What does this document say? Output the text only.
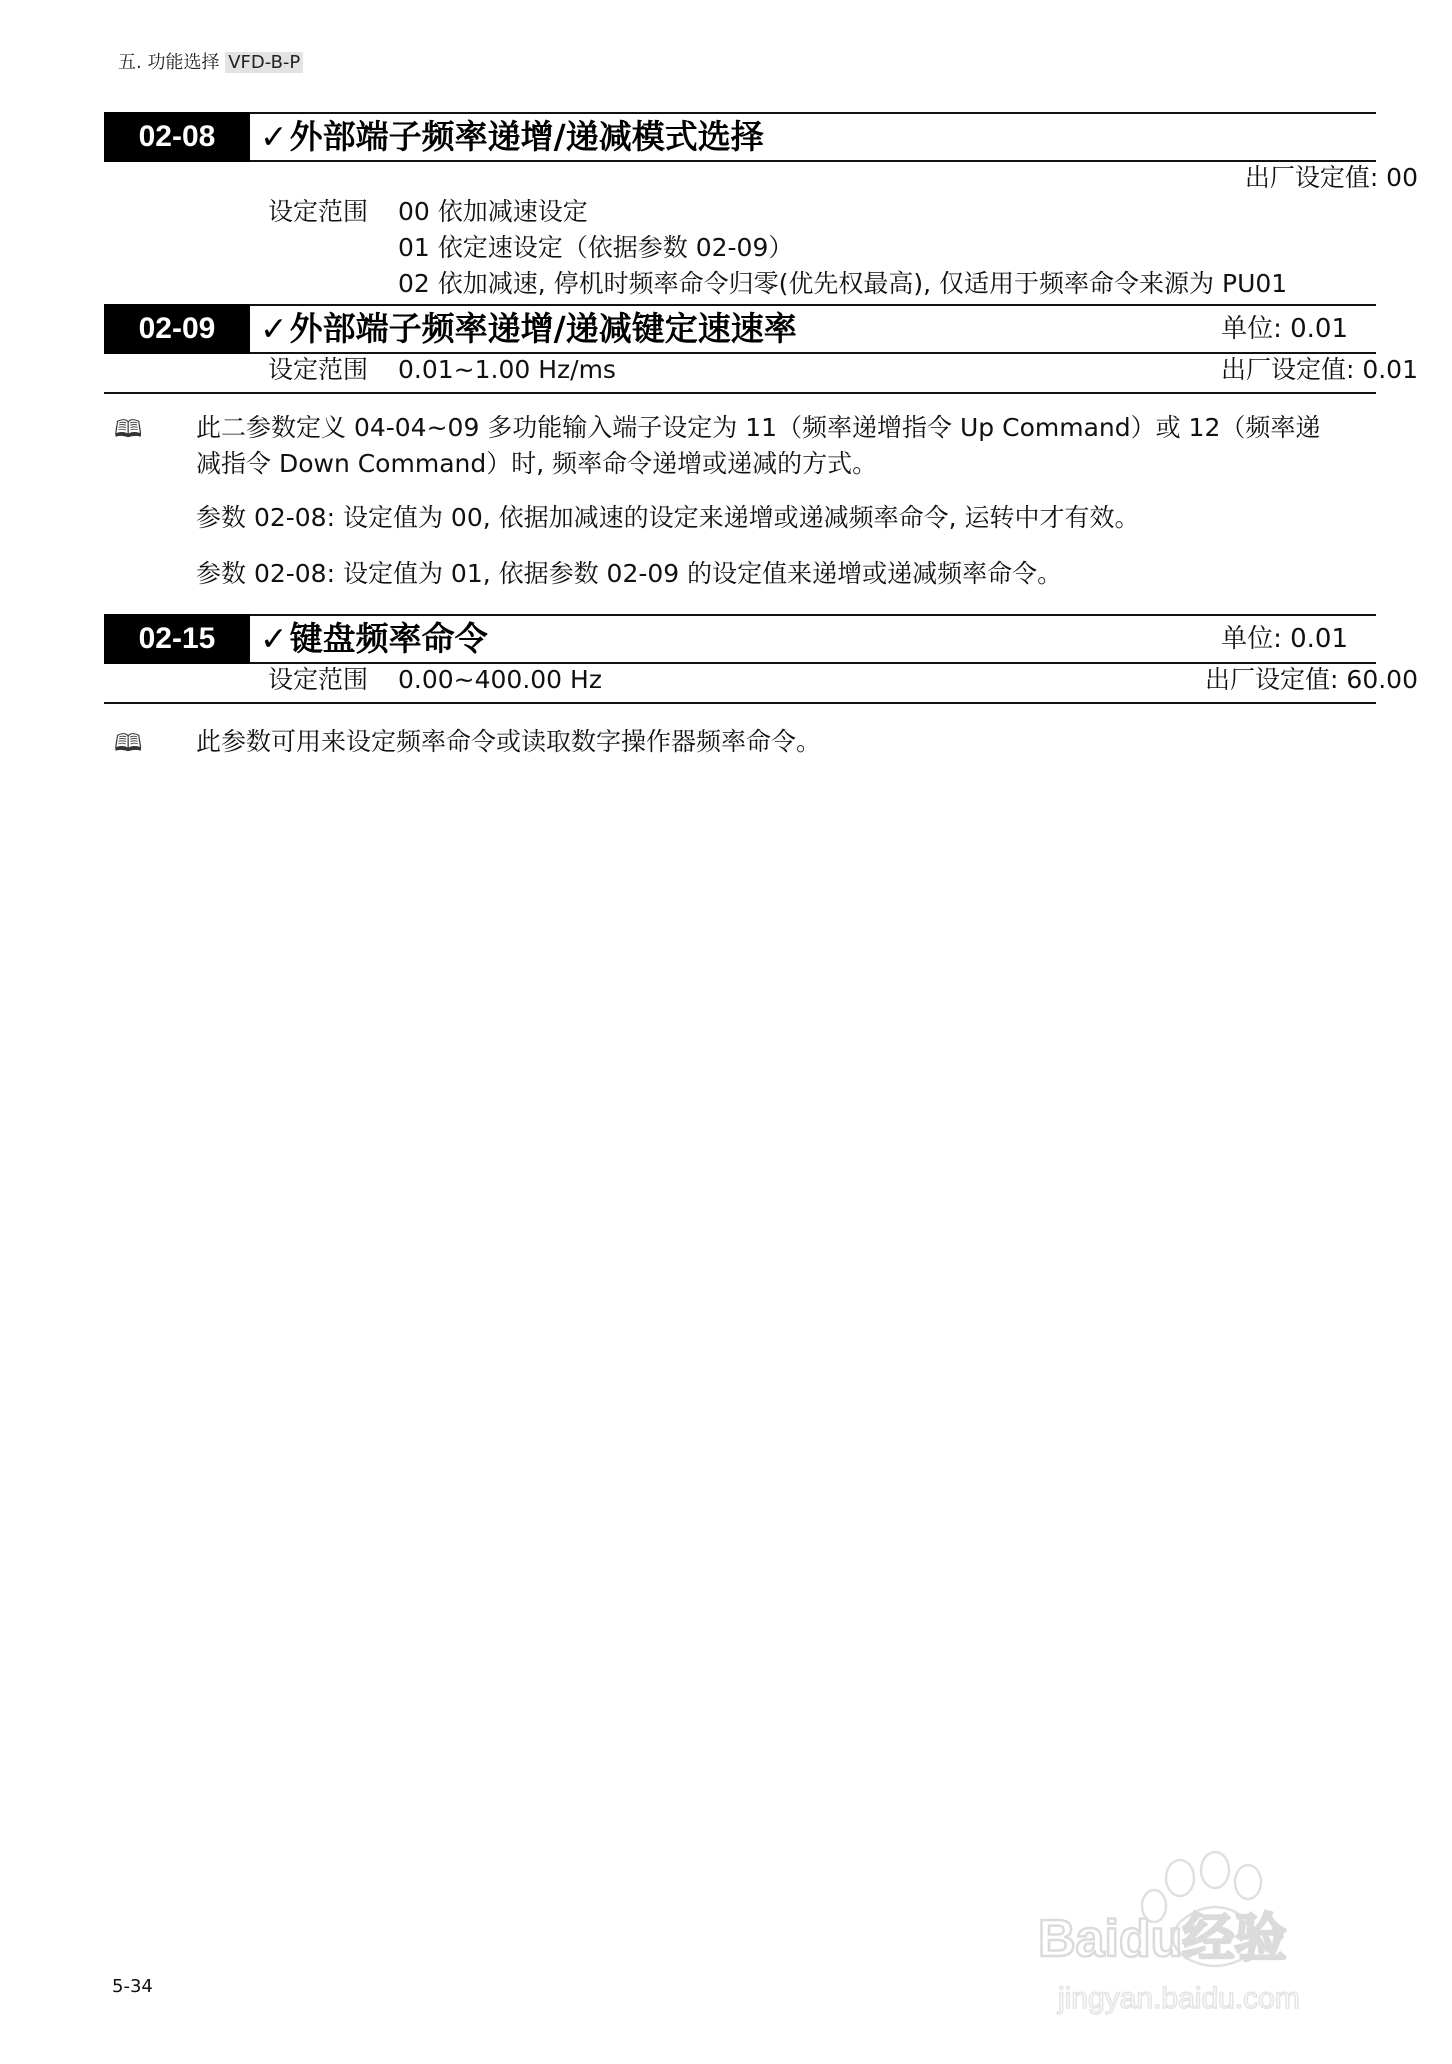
五. 功能选择 VFD-B-P
02-08	✓外部端子频率递增/递减模式选择
出厂设定值: 00
设定范围 00 依加减速设定
01 依定速设定（依据参数 02-09）
02 依加减速, 停机时频率命令归零(优先权最高), 仅适用于频率命令来源为 PU01
02-09	✓外部端子频率递增/递减键定速速率	单位: 0.01
设定范围 0.01~1.00 Hz/ms	出厂设定值: 0.01
🕮 此二参数定义 04-04~09 多功能输入端子设定为 11（频率递增指令 Up Command）或 12（频率递
减指令 Down Command）时, 频率命令递增或递减的方式。
参数 02-08: 设定值为 00, 依据加减速的设定来递增或递减频率命令, 运转中才有效。
参数 02-08: 设定值为 01, 依据参数 02-09 的设定值来递增或递减频率命令。
02-15	✓键盘频率命令	单位: 0.01
设定范围 0.00~400.00 Hz	出厂设定值: 60.00
🕮 此参数可用来设定频率命令或读取数字操作器频率命令。
5-34
Baidu经验
jingyan.baidu.com
